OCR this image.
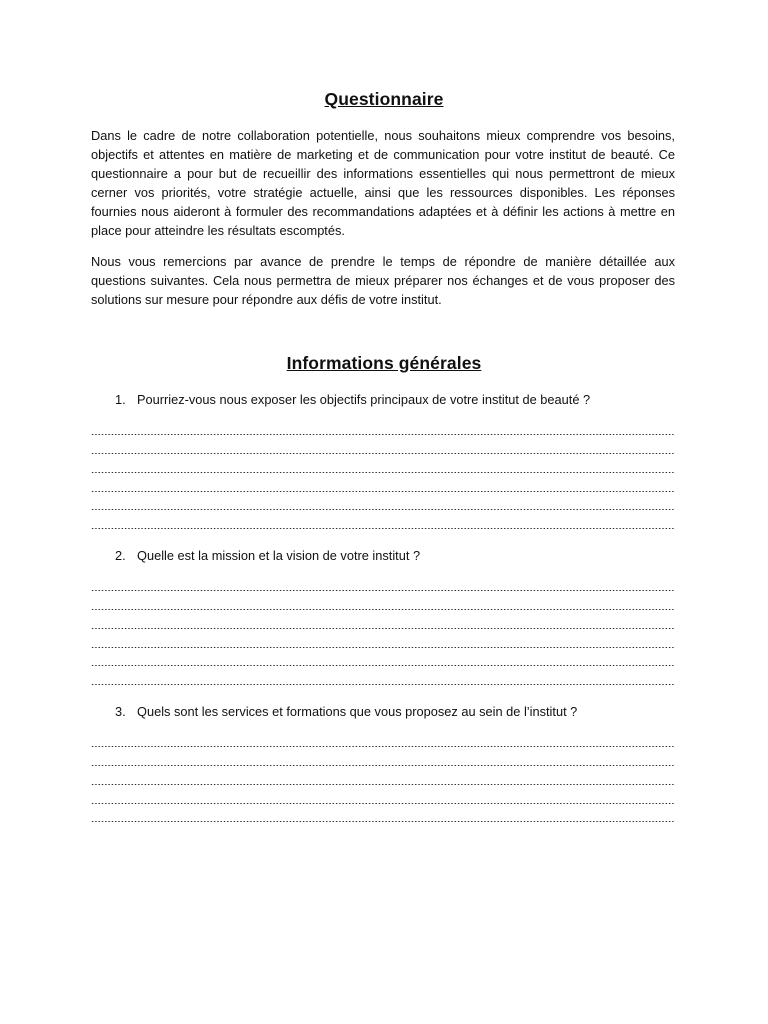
Questionnaire

Dans le cadre de notre collaboration potentielle, nous souhaitons mieux comprendre vos besoins, objectifs et attentes en matière de marketing et de communication pour votre institut de beauté. Ce questionnaire a pour but de recueillir des informations essentielles qui nous permettront de mieux cerner vos priorités, votre stratégie actuelle, ainsi que les ressources disponibles. Les réponses fournies nous aideront à formuler des recommandations adaptées et à définir les actions à mettre en place pour atteindre les résultats escomptés.

Nous vous remercions par avance de prendre le temps de répondre de manière détaillée aux questions suivantes. Cela nous permettra de mieux préparer nos échanges et de vous proposer des solutions sur mesure pour répondre aux défis de votre institut.

Informations générales
1. Pourriez-vous nous exposer les objectifs principaux de votre institut de beauté ?
2. Quelle est la mission et la vision de votre institut ?
3. Quels sont les services et formations que vous proposez au sein de l’institut ?
